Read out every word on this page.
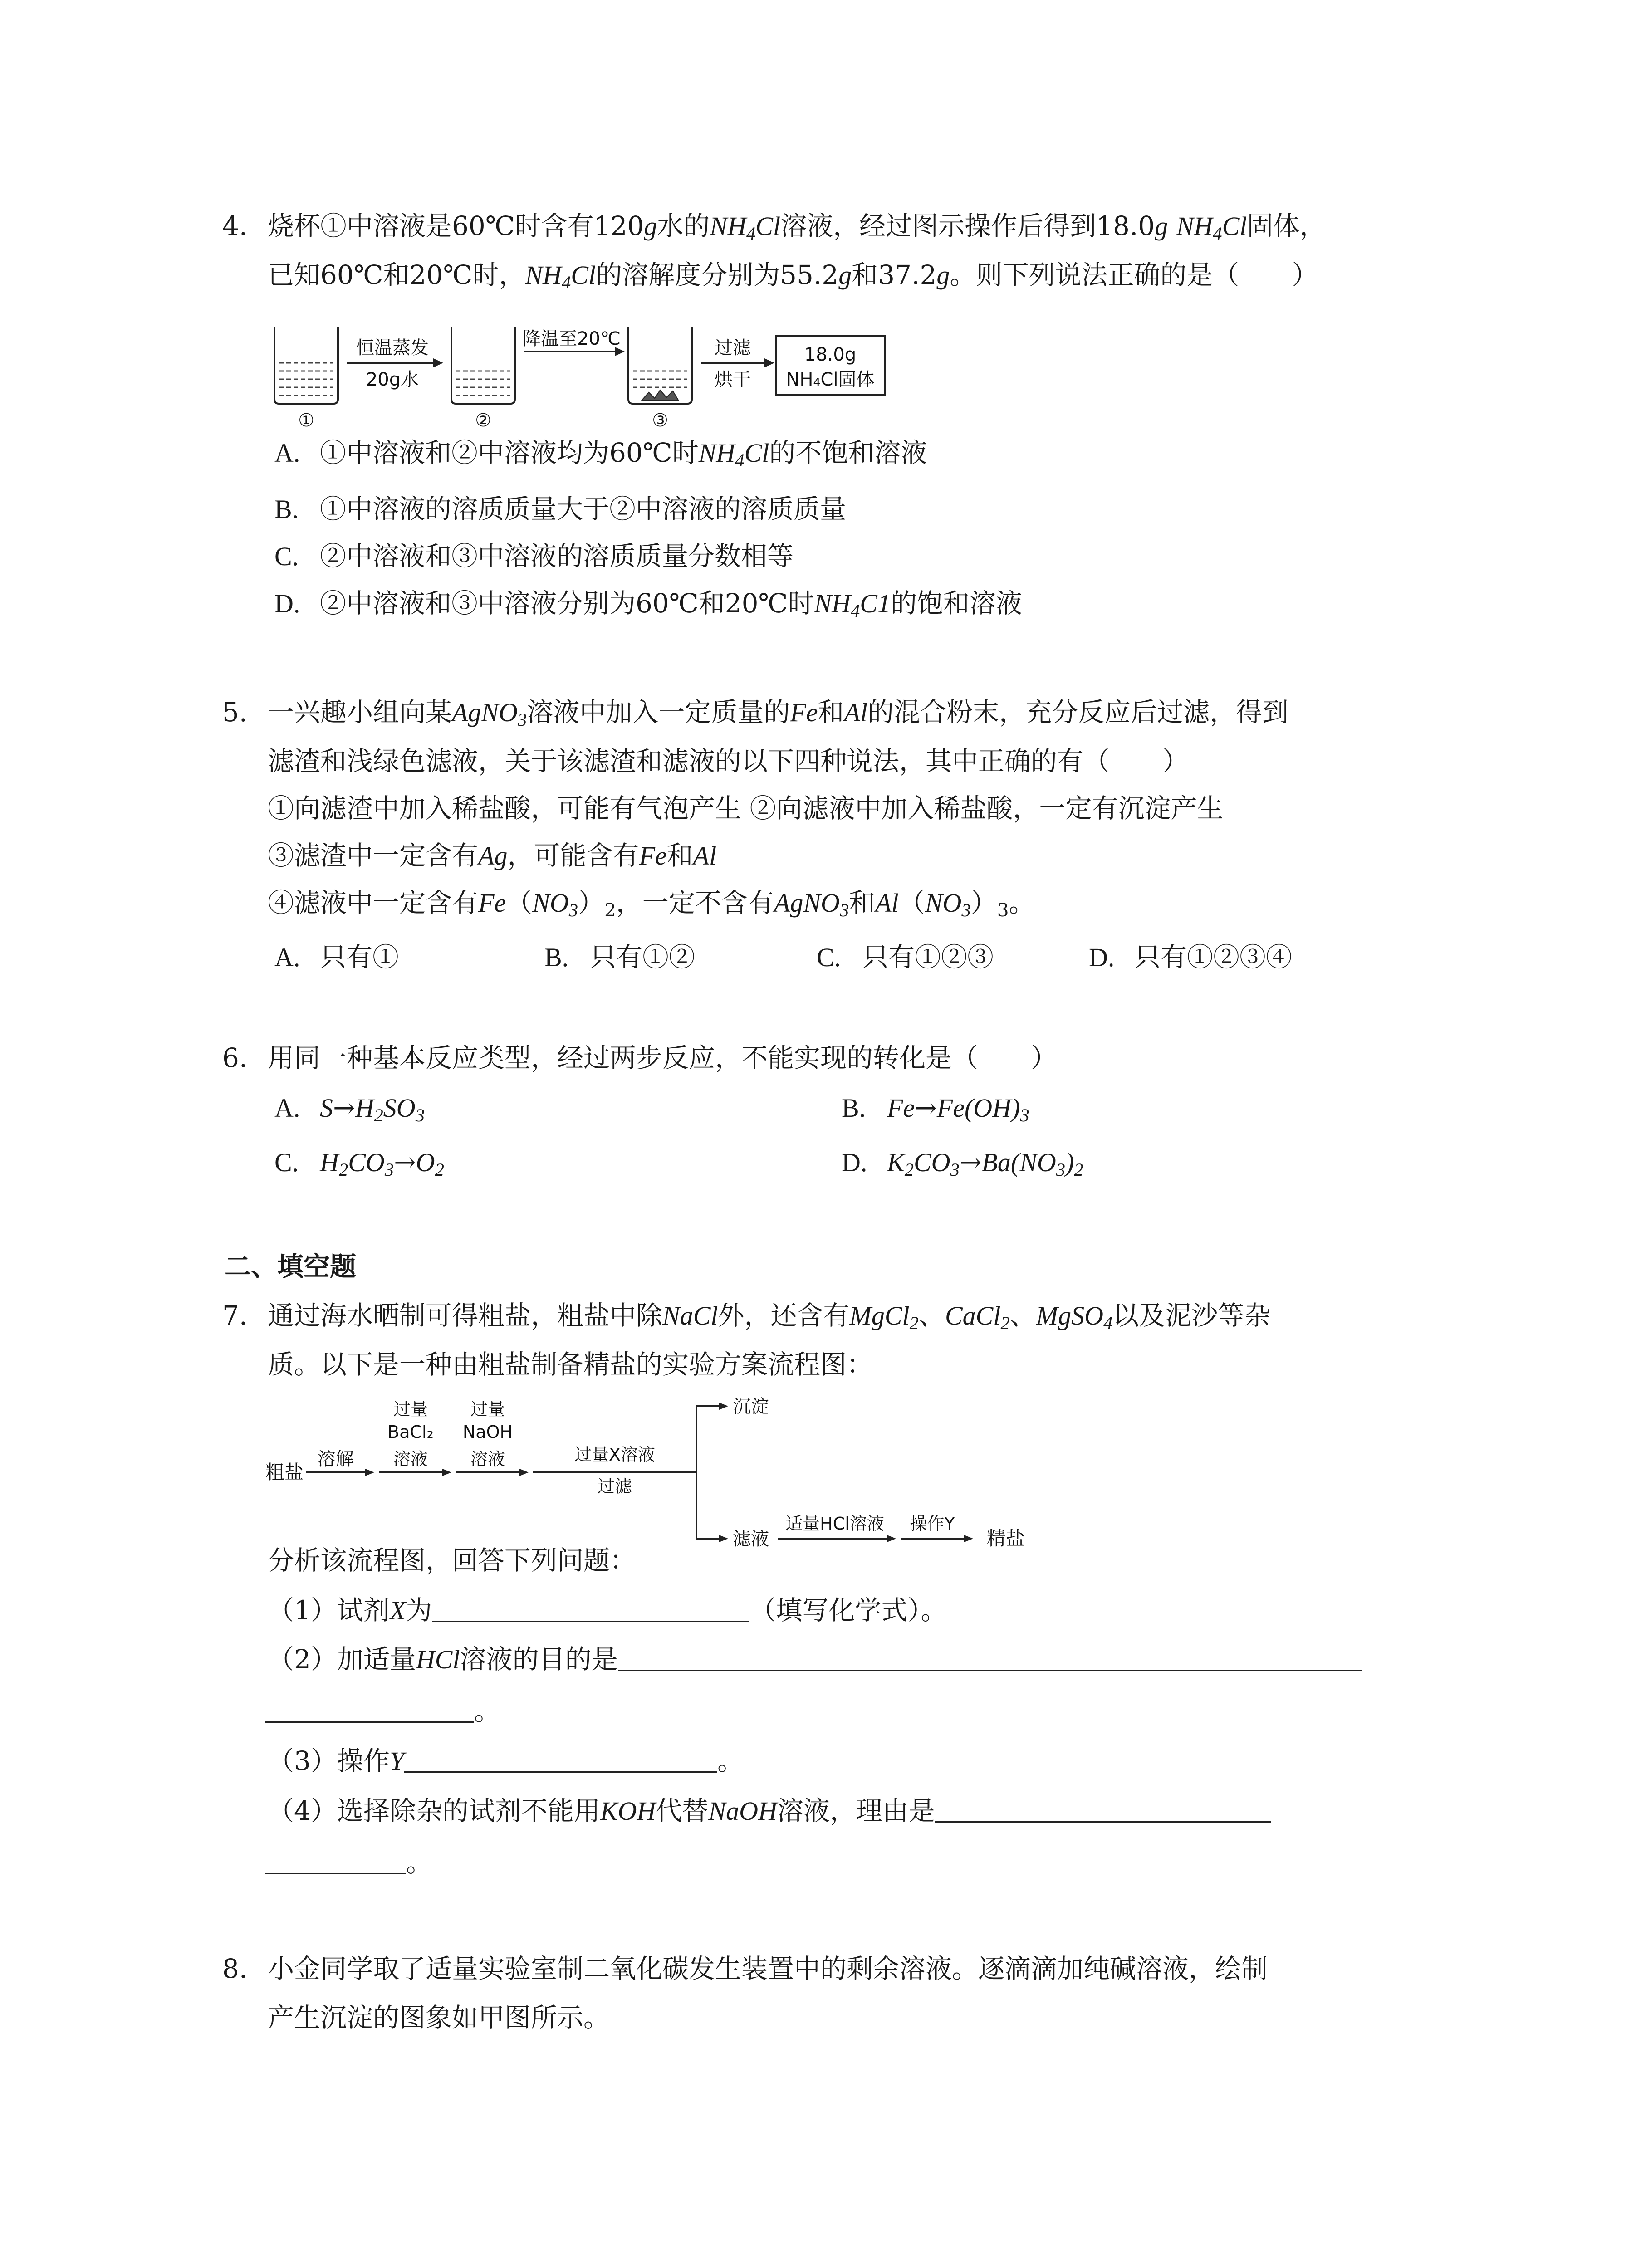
4. 烧杯①中溶液是60℃时含有120g水的$NH_4Cl$溶液，经过图示操作后得到18.0g $NH_4Cl$固体，
已知60℃和20℃时，$NH_4Cl$的溶解度分别为55.2g和37.2g。则下列说法正确的是（　　）
①
恒温蒸发
20g水
②
降温至20℃
③
过滤
烘干
18.0g
NH₄Cl固体
A. ①中溶液和②中溶液均为60℃时$NH_4Cl$的不饱和溶液
B. ①中溶液的溶质质量大于②中溶液的溶质质量
C. ②中溶液和③中溶液的溶质质量分数相等
D. ②中溶液和③中溶液分别为60℃和20℃时$NH_4C1$的饱和溶液
5. 一兴趣小组向某AgNO$_3$溶液中加入一定质量的Fe和Al的混合粉末，充分反应后过滤，得到
滤渣和浅绿色滤液，关于该滤渣和滤液的以下四种说法，其中正确的有（　　）
①向滤渣中加入稀盐酸，可能有气泡产生 ②向滤液中加入稀盐酸，一定有沉淀产生
③滤渣中一定含有Ag，可能含有Fe和Al
④滤液中一定含有$Fe(NO_3)_2$，一定不含有AgNO$_3$和$Al(NO_3)_3$。
A. 只有①	B. 只有①②	C. 只有①②③	D. 只有①②③④
6. 用同一种基本反应类型，经过两步反应，不能实现的转化是（　　）
A. $S\to H_2SO_3$	B. $Fe\to Fe(OH)_3$
C. $H_2CO_3\to O_2$	D. $K_2CO_3\to Ba(NO_3)_2$
二、填空题
7. 通过海水晒制可得粗盐，粗盐中除NaCl外，还含有MgCl$_2$、CaCl$_2$、MgSO$_4$以及泥沙等杂
质。以下是一种由粗盐制备精盐的实验方案流程图：
粗盐
溶解
过量
BaCl₂
溶液
过量
NaOH
溶液	过量X溶液
过滤
沉淀
滤液
适量HCl溶液 操作Y
精盐
分析该流程图，回答下列问题：
（1）试剂X为	（填写化学式）。
（2）加适量HCl溶液的目的是
。
（3）操作Y	。
（4）选择除杂的试剂不能用KOH代替NaOH溶液，理由是
。
8. 小金同学取了适量实验室制二氧化碳发生装置中的剩余溶液。逐滴滴加纯碱溶液，绘制
产生沉淀的图象如甲图所示。
